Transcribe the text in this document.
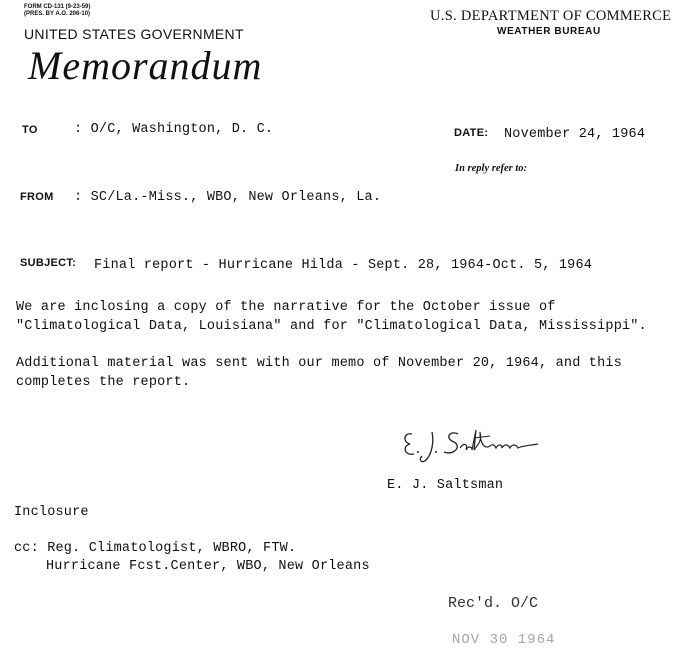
FORM CD-131 (9-23-59)
(PRES. BY A.O. 206-10)
UNITED STATES GOVERNMENT
Memorandum
U.S. DEPARTMENT OF COMMERCE
WEATHER BUREAU
TO	: O/C, Washington, D. C.	DATE: November 24, 1964
In reply refer to:
FROM : SC/La.-Miss., WBO, New Orleans, La.
SUBJECT: Final report - Hurricane Hilda - Sept. 28, 1964-Oct. 5, 1964
We are inclosing a copy of the narrative for the October issue of
"Climatological Data, Louisiana" and for "Climatological Data, Mississippi".
Additional material was sent with our memo of November 20, 1964, and this
completes the report.
E. J. Saltsman
Inclosure
cc: Reg. Climatologist, WBRO, FTW.
Hurricane Fcst.Center, WBO, New Orleans
Rec'd. O/C
NOV 30 1964
